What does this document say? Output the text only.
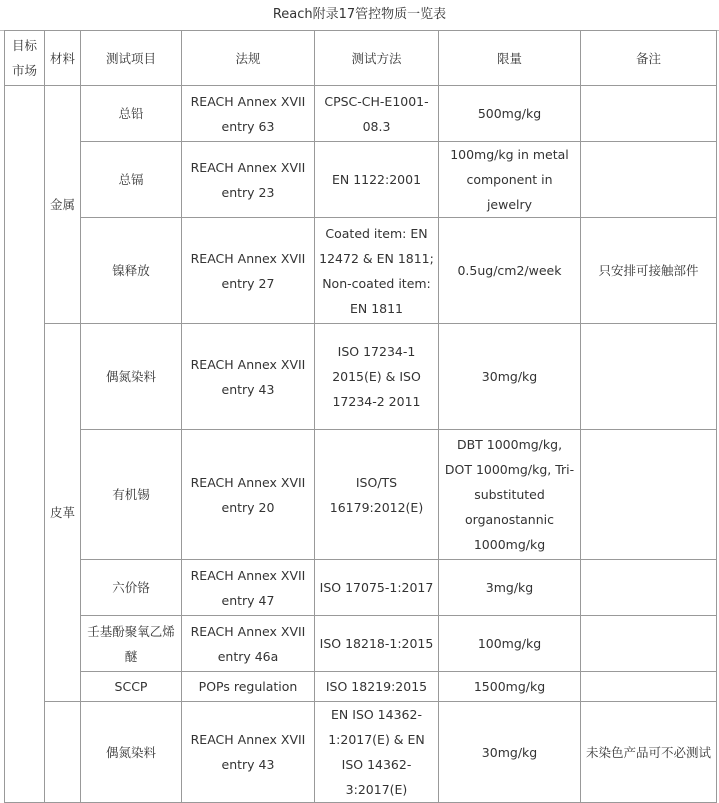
Reach附录17管控物质一览表
目标市场	材料	测试项目	法规	测试方法	限量	备注
	金属	总铅	REACH Annex XVII entry 63	CPSC-CH-E1001-08.3	500mg/kg	
		总镉	REACH Annex XVII entry 23	EN 1122:2001	100mg/kg in metal component in jewelry	
		镍释放	REACH Annex XVII entry 27	Coated item: EN 12472 & EN 1811; Non-coated item: EN 1811	0.5ug/cm2/week	只安排可接触部件
	皮革	偶氮染料	REACH Annex XVII entry 43	ISO 17234-1 2015(E) & ISO 17234-2 2011	30mg/kg	
		有机锡	REACH Annex XVII entry 20	ISO/TS 16179:2012(E)	DBT 1000mg/kg, DOT 1000mg/kg, Tri-substituted organostannic 1000mg/kg	
		六价铬	REACH Annex XVII entry 47	ISO 17075-1:2017	3mg/kg	
		壬基酚聚氧乙烯醚	REACH Annex XVII entry 46a	ISO 18218-1:2015	100mg/kg	
		SCCP	POPs regulation	ISO 18219:2015	1500mg/kg	
		偶氮染料	REACH Annex XVII entry 43	EN ISO 14362-1:2017(E) & EN ISO 14362-3:2017(E)	30mg/kg	未染色产品可不必测试
